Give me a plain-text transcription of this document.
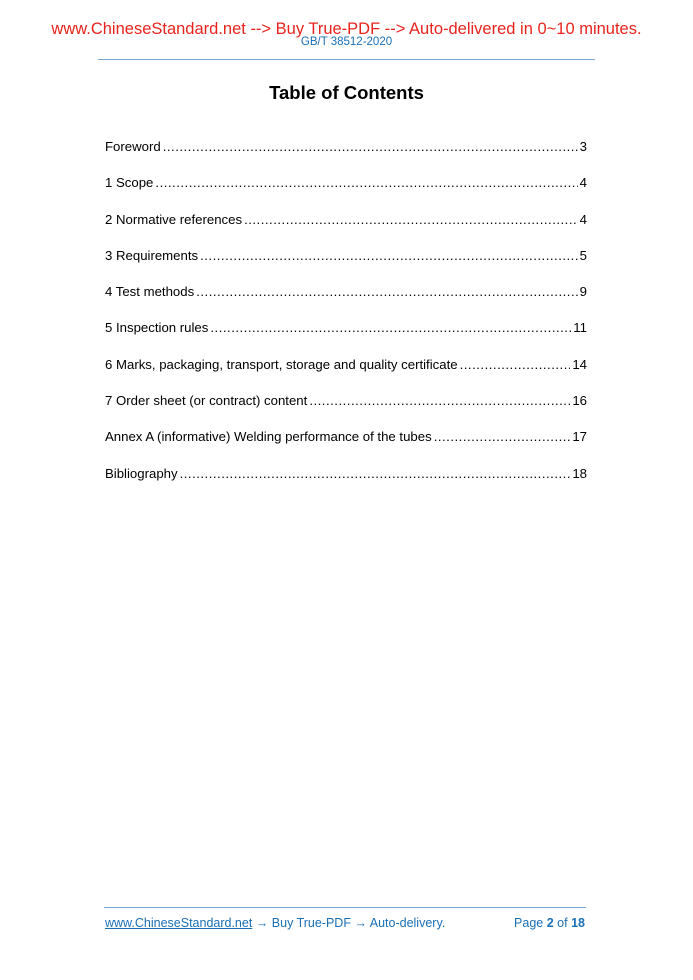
www.ChineseStandard.net --> Buy True-PDF --> Auto-delivered in 0~10 minutes.
GB/T 38512-2020
Table of Contents
Foreword .....	3
1 Scope .....	4
2 Normative references .....	4
3 Requirements .....	5
4 Test methods .....	9
5 Inspection rules .....	11
6 Marks, packaging, transport, storage and quality certificate .....	14
7 Order sheet (or contract) content .....	16
Annex A (informative) Welding performance of the tubes .....	17
Bibliography .....	18
www.ChineseStandard.net → Buy True-PDF → Auto-delivery.	Page 2 of 18
